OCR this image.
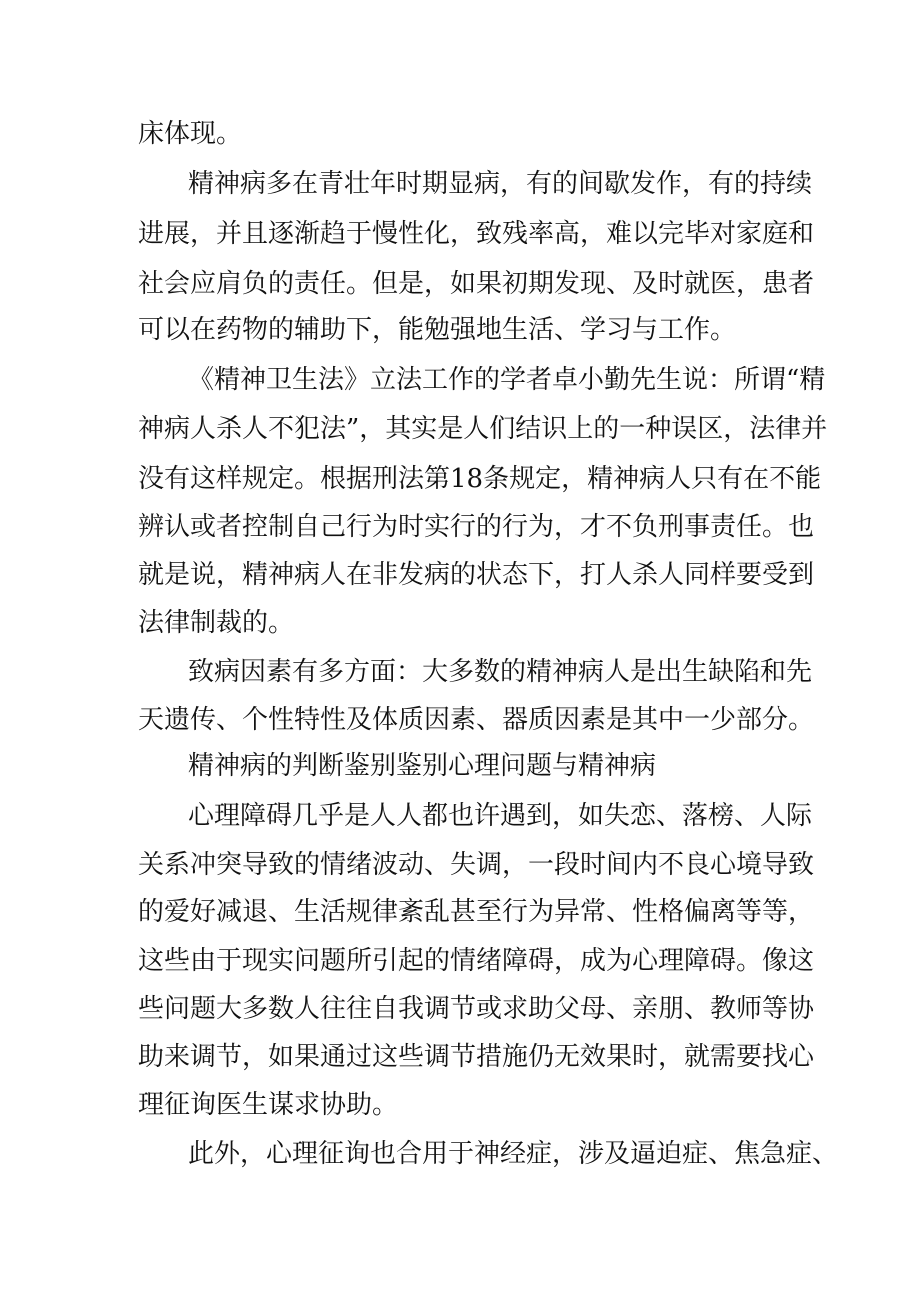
床体现。
精神病多在青壮年时期显病，有的间歇发作，有的持续
进展，并且逐渐趋于慢性化，致残率高，难以完毕对家庭和
社会应肩负的责任。但是，如果初期发现、及时就医，患者
可以在药物的辅助下，能勉强地生活、学习与工作。
《精神卫生法》立法工作的学者卓小勤先生说：所谓“精
神病人杀人不犯法”，其实是人们结识上的一种误区，法律并
没有这样规定。根据刑法第18条规定，精神病人只有在不能
辨认或者控制自己行为时实行的行为，才不负刑事责任。也
就是说，精神病人在非发病的状态下，打人杀人同样要受到
法律制裁的。
致病因素有多方面：大多数的精神病人是出生缺陷和先
天遗传、个性特性及体质因素、器质因素是其中一少部分。
精神病的判断鉴别鉴别心理问题与精神病
心理障碍几乎是人人都也许遇到，如失恋、落榜、人际
关系冲突导致的情绪波动、失调，一段时间内不良心境导致
的爱好减退、生活规律紊乱甚至行为异常、性格偏离等等，
这些由于现实问题所引起的情绪障碍，成为心理障碍。像这
些问题大多数人往往自我调节或求助父母、亲朋、教师等协
助来调节，如果通过这些调节措施仍无效果时，就需要找心
理征询医生谋求协助。
此外，心理征询也合用于神经症，涉及逼迫症、焦急症、
